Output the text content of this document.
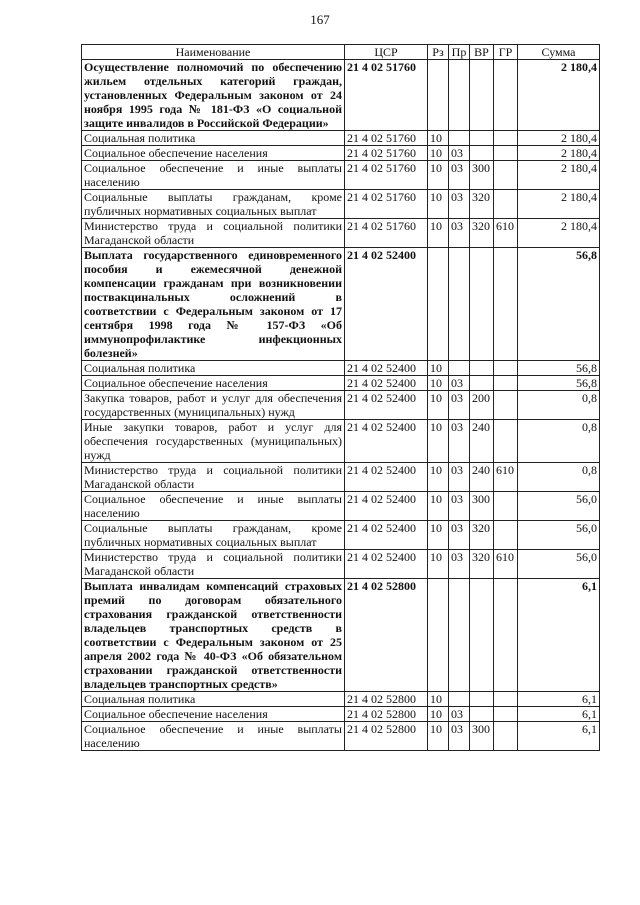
167
Наименование	ЦСР	Рз	Пр	ВР	ГР	Сумма
Осуществление полномочий по обеспечению жильем отдельных категорий граждан, установленных Федеральным законом от 24 ноября 1995 года № 181-ФЗ «О социальной защите инвалидов в Российской Федерации»	21 4 02 51760					2 180,4
Социальная политика	21 4 02 51760	10				2 180,4
Социальное обеспечение населения	21 4 02 51760	10	03			2 180,4
Социальное обеспечение и иные выплаты населению	21 4 02 51760	10	03	300		2 180,4
Социальные выплаты гражданам, кроме публичных нормативных социальных выплат	21 4 02 51760	10	03	320		2 180,4
Министерство труда и социальной политики Магаданской области	21 4 02 51760	10	03	320	610	2 180,4
Выплата государственного единовременного пособия и ежемесячной денежной компенсации гражданам при возникновении поствакцинальных осложнений в соответствии с Федеральным законом от 17 сентября 1998 года № 157-ФЗ «Об иммунопрофилактике инфекционных болезней»	21 4 02 52400					56,8
Социальная политика	21 4 02 52400	10				56,8
Социальное обеспечение населения	21 4 02 52400	10	03			56,8
Закупка товаров, работ и услуг для обеспечения государственных (муниципальных) нужд	21 4 02 52400	10	03	200		0,8
Иные закупки товаров, работ и услуг для обеспечения государственных (муниципальных) нужд	21 4 02 52400	10	03	240		0,8
Министерство труда и социальной политики Магаданской области	21 4 02 52400	10	03	240	610	0,8
Социальное обеспечение и иные выплаты населению	21 4 02 52400	10	03	300		56,0
Социальные выплаты гражданам, кроме публичных нормативных социальных выплат	21 4 02 52400	10	03	320		56,0
Министерство труда и социальной политики Магаданской области	21 4 02 52400	10	03	320	610	56,0
Выплата инвалидам компенсаций страховых премий по договорам обязательного страхования гражданской ответственности владельцев транспортных средств в соответствии с Федеральным законом от 25 апреля 2002 года № 40-ФЗ «Об обязательном страховании гражданской ответственности владельцев транспортных средств»	21 4 02 52800					6,1
Социальная политика	21 4 02 52800	10				6,1
Социальное обеспечение населения	21 4 02 52800	10	03			6,1
Социальное обеспечение и иные выплаты населению	21 4 02 52800	10	03	300		6,1
